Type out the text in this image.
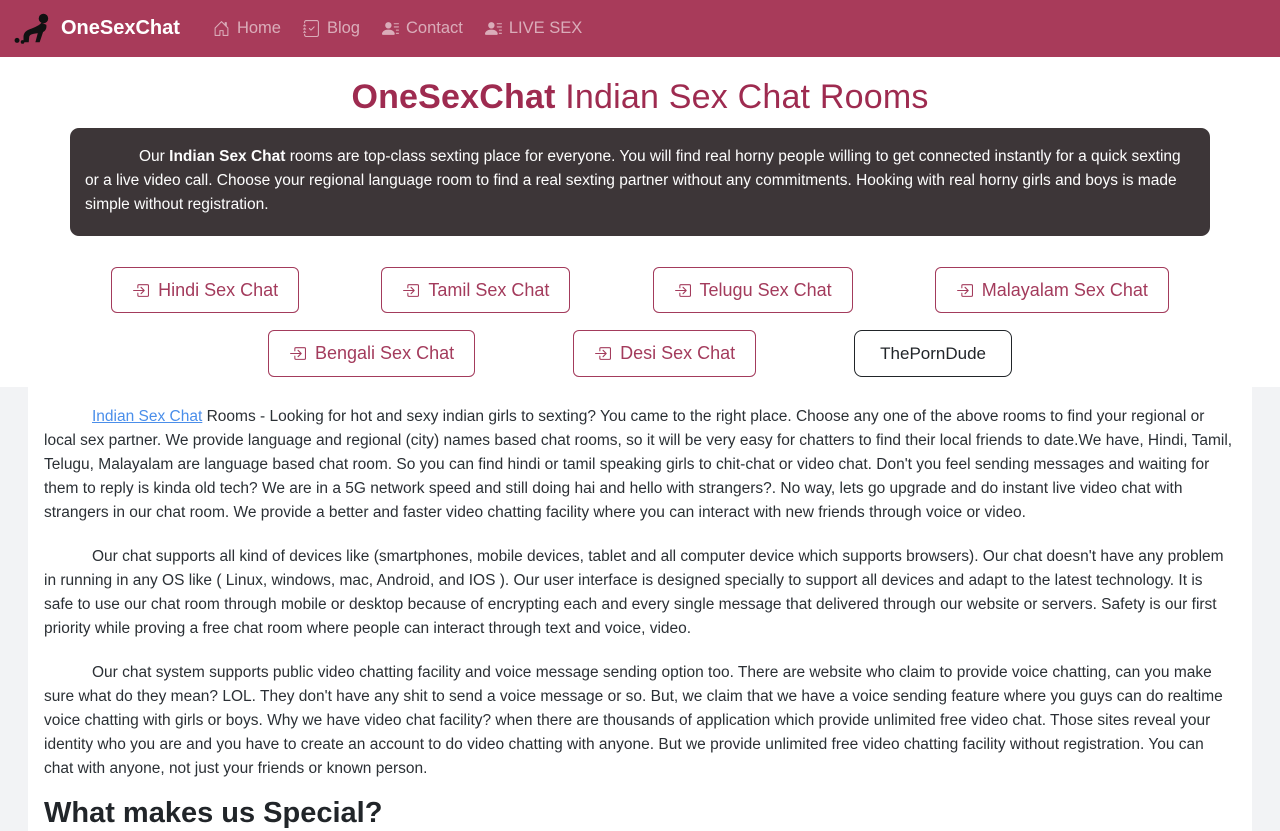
OneSexChat	Home	Blog	Contact	LIVE SEX
OneSexChat Indian Sex Chat Rooms
Our Indian Sex Chat rooms are top-class sexting place for everyone. You will find real horny people willing to get connected instantly for a quick sexting or a live video call. Choose your regional language room to find a real sexting partner without any commitments. Hooking with real horny girls and boys is made simple without registration.
Hindi Sex Chat	Tamil Sex Chat	Telugu Sex Chat	Malayalam Sex Chat
Bengali Sex Chat	Desi Sex Chat	ThePornDude

Indian Sex Chat Rooms - Looking for hot and sexy indian girls to sexting? You came to the right place. Choose any one of the above rooms to find your regional or local sex partner. We provide language and regional (city) names based chat rooms, so it will be very easy for chatters to find their local friends to date.We have, Hindi, Tamil, Telugu, Malayalam are language based chat room. So you can find hindi or tamil speaking girls to chit-chat or video chat. Don't you feel sending messages and waiting for them to reply is kinda old tech? We are in a 5G network speed and still doing hai and hello with strangers?. No way, lets go upgrade and do instant live video chat with strangers in our chat room. We provide a better and faster video chatting facility where you can interact with new friends through voice or video.

Our chat supports all kind of devices like (smartphones, mobile devices, tablet and all computer device which supports browsers). Our chat doesn't have any problem in running in any OS like ( Linux, windows, mac, Android, and IOS ). Our user interface is designed specially to support all devices and adapt to the latest technology. It is safe to use our chat room through mobile or desktop because of encrypting each and every single message that delivered through our website or servers. Safety is our first priority while proving a free chat room where people can interact through text and voice, video.

Our chat system supports public video chatting facility and voice message sending option too. There are website who claim to provide voice chatting, can you make sure what do they mean? LOL. They don't have any shit to send a voice message or so. But, we claim that we have a voice sending feature where you guys can do realtime voice chatting with girls or boys. Why we have video chat facility? when there are thousands of application which provide unlimited free video chat. Those sites reveal your identity who you are and you have to create an account to do video chatting with anyone. But we provide unlimited free video chatting facility without registration. You can chat with anyone, not just your friends or known person.

What makes us Special?
